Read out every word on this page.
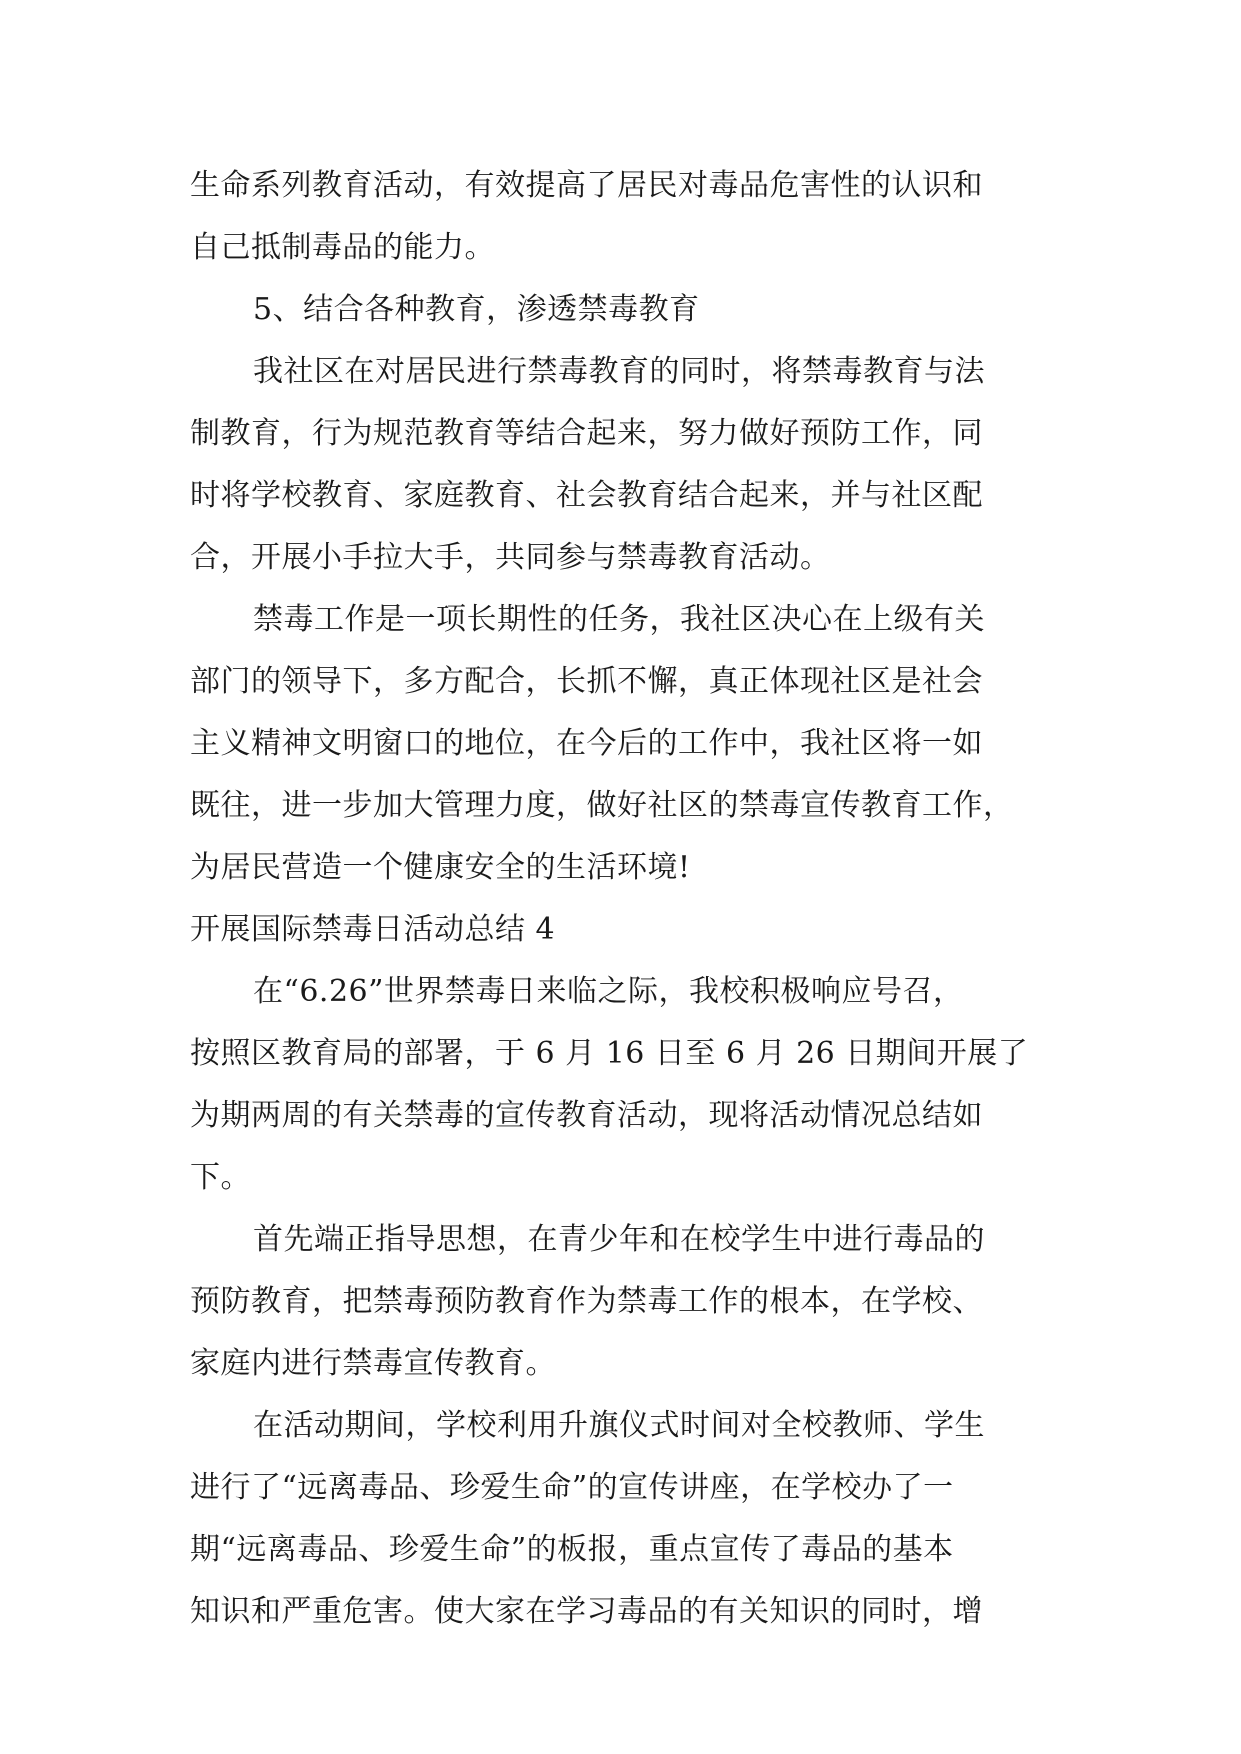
生命系列教育活动，有效提高了居民对毒品危害性的认识和
自己抵制毒品的能力。
5、结合各种教育，渗透禁毒教育
我社区在对居民进行禁毒教育的同时，将禁毒教育与法
制教育，行为规范教育等结合起来，努力做好预防工作，同
时将学校教育、家庭教育、社会教育结合起来，并与社区配
合，开展小手拉大手，共同参与禁毒教育活动。
禁毒工作是一项长期性的任务，我社区决心在上级有关
部门的领导下，多方配合，长抓不懈，真正体现社区是社会
主义精神文明窗口的地位，在今后的工作中，我社区将一如
既往，进一步加大管理力度，做好社区的禁毒宣传教育工作，
为居民营造一个健康安全的生活环境!
开展国际禁毒日活动总结 4
在“6.26”世界禁毒日来临之际，我校积极响应号召，
按照区教育局的部署，于 6 月 16 日至 6 月 26 日期间开展了
为期两周的有关禁毒的宣传教育活动，现将活动情况总结如
下。
首先端正指导思想，在青少年和在校学生中进行毒品的
预防教育，把禁毒预防教育作为禁毒工作的根本，在学校、
家庭内进行禁毒宣传教育。
在活动期间，学校利用升旗仪式时间对全校教师、学生
进行了“远离毒品、珍爱生命”的宣传讲座，在学校办了一
期“远离毒品、珍爱生命”的板报，重点宣传了毒品的基本
知识和严重危害。使大家在学习毒品的有关知识的同时，增
